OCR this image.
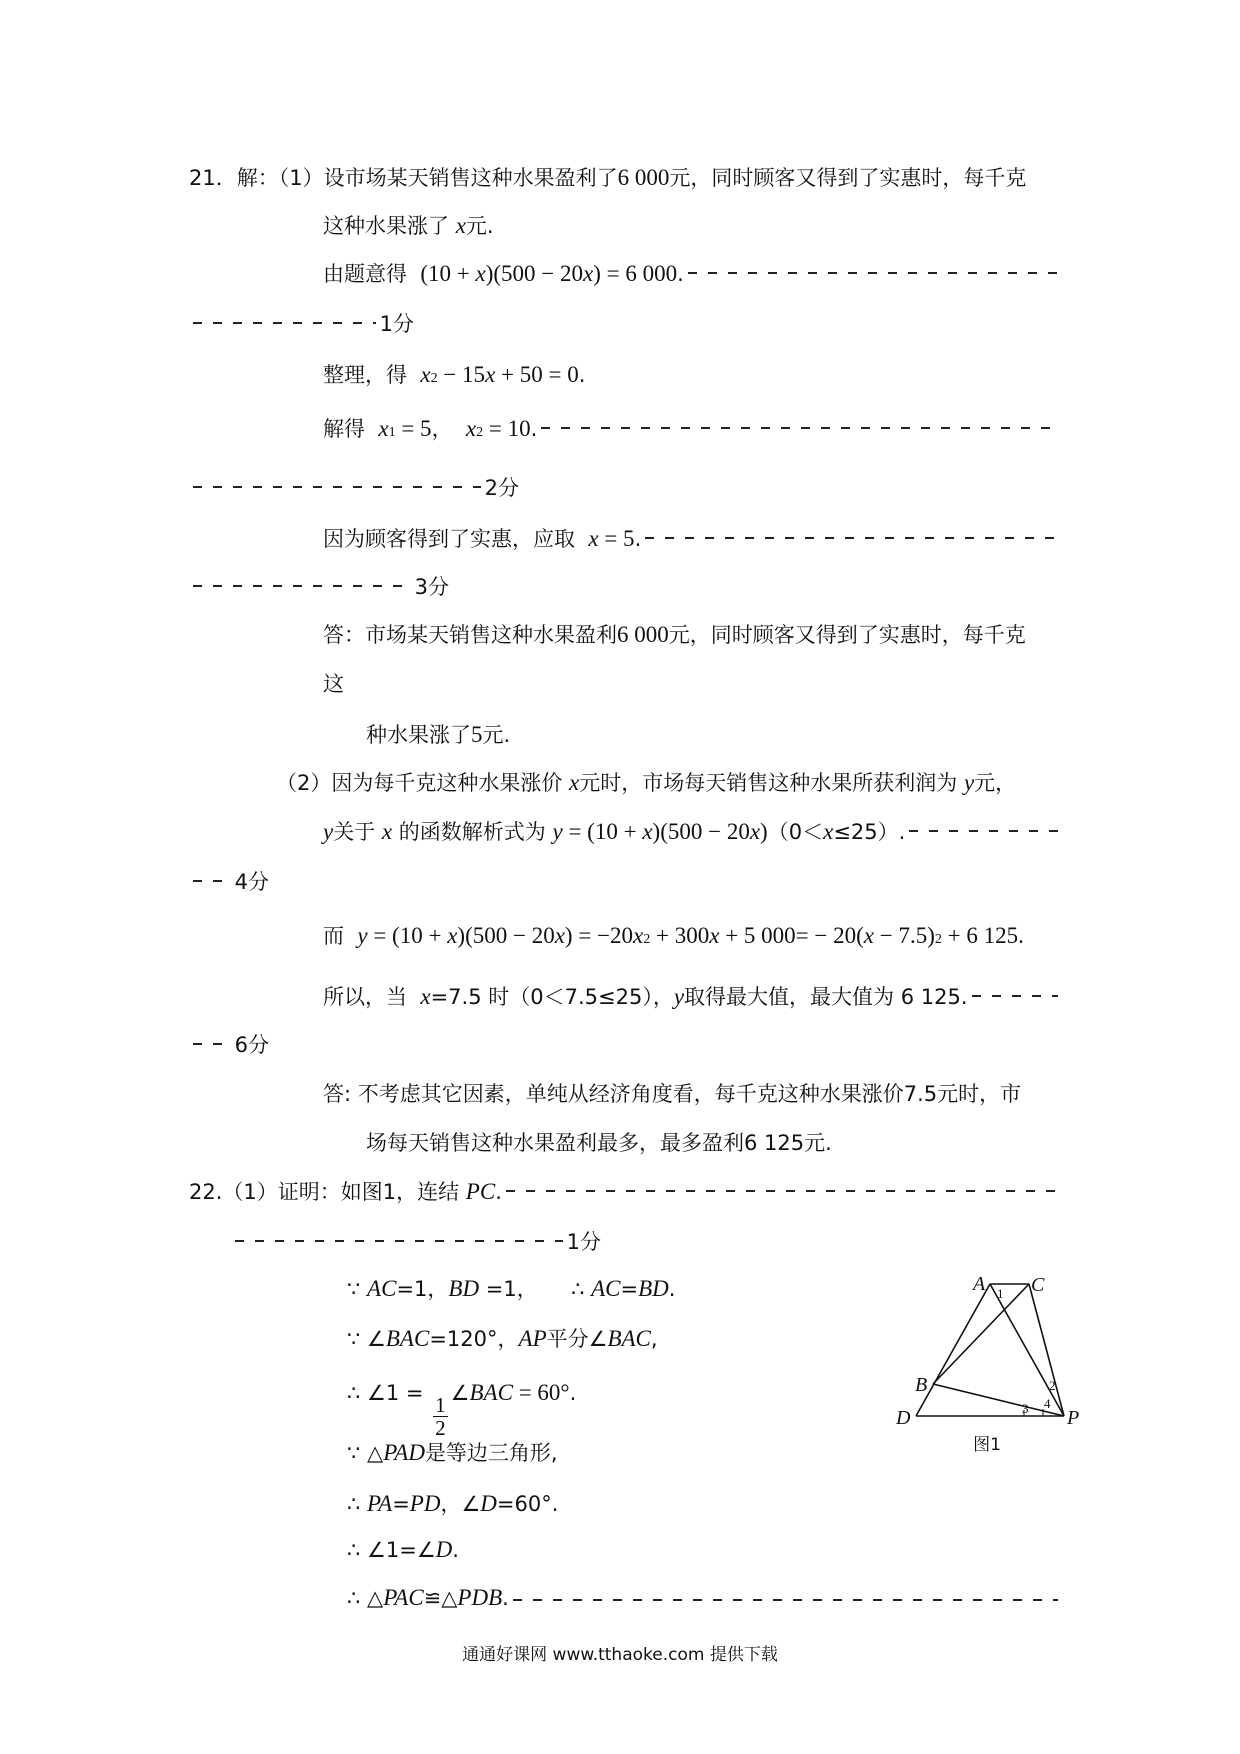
21．解：（1）设市场某天销售这种水果盈利了 6 000 元，同时顾客又得到了实惠时，每千克
这种水果涨了 x 元.
由题意得 (10 + x )(500 − 20 x ) = 6 000 .
1分
整理，得 x 2 − 15 x + 50 = 0 .
解得 x 1 = 5 ， x 2 = 10 .
2分
因为顾客得到了实惠，应取 x = 5 .
3分
答：市场某天销售这种水果盈利 6 000 元，同时顾客又得到了实惠时，每千克
这
种水果涨了 5 元.
（2）因为每千克这种水果涨价 x 元时，市场每天销售这种水果所获利润为 y 元，
y 关于 x 的函数解析式为 y = (10 + x )(500 − 20 x ) （0＜ x ≤25）.
4分
而 y = (10 + x )(500 − 20 x ) = −20 x 2 + 300 x + 5 000= − 20( x − 7.5) 2 + 6 125.
所以，当 x =7.5 时（0＜7.5≤25）， y 取得最大值，最大值为 6 125.
6分
答: 不考虑其它因素，单纯从经济角度看，每千克这种水果涨价7.5元时，市
场每天销售这种水果盈利最多，最多盈利6 125元.
22.（1）证明：如图1，连结 PC .
1分
∵ AC =1， BD =1，     ∴ AC = BD .
∵ ∠ BAC =120°， AP 平分∠ BAC ,
∴ ∠1 =
$\frac{1}{2}$
∠ BAC = 60° .
∵ △ PAD 是等边三角形,
∴ PA = PD ，∠ D =60°.
∴ ∠1=∠ D .
∴ △ PAC ≌△ PDB .
A C
B
D	P
1
2
3 4
图1
通通好课网 www.tthaoke.com 提供下载
